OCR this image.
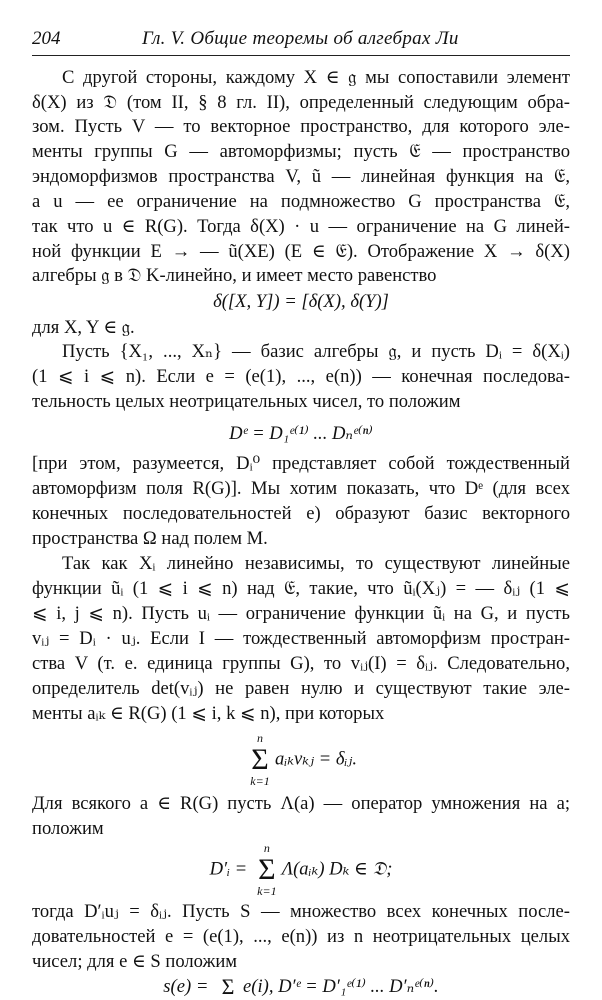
204	Гл. V. Общие теоремы об алгебрах Ли
С другой стороны, каждому X ∈ 𝔤 мы сопоставили элемент
δ(X) из 𝔇 (том II, § 8 гл. II), определенный следующим обра-
зом. Пусть V — то векторное пространство, для которого эле-
менты группы G — автоморфизмы; пусть 𝔈 — пространство
эндоморфизмов пространства V, ũ — линейная функция на 𝔈,
а u — ее ограничение на подмножество G пространства 𝔈,
так что u ∈ R(G). Тогда δ(X) · u — ограничение на G линей-
ной функции E → — ũ(XE) (E ∈ 𝔈). Отображение X → δ(X)
алгебры 𝔤 в 𝔇 K-линейно, и имеет место равенство
δ([X, Y]) = [δ(X), δ(Y)]
для X, Y ∈ 𝔤.
Пусть {X₁, ..., Xₙ} — базис алгебры 𝔤, и пусть Dᵢ = δ(Xᵢ)
(1 ⩽ i ⩽ n). Если e = (e(1), ..., e(n)) — конечная последова-
тельность целых неотрицательных чисел, то положим
Dᵉ = D₁ᵉ⁽¹⁾ ... Dₙᵉ⁽ⁿ⁾
[при этом, разумеется, Dᵢ⁰ представляет собой тождественный
автоморфизм поля R(G)]. Мы хотим показать, что Dᵉ (для всех
конечных последовательностей e) образуют базис векторного
пространства Ω над полем M.
Так как Xᵢ линейно независимы, то существуют линейные
функции ũᵢ (1 ⩽ i ⩽ n) над 𝔈, такие, что ũᵢ(Xⱼ) = — δᵢⱼ (1 ⩽
⩽ i, j ⩽ n). Пусть uᵢ — ограничение функции ũᵢ на G, и пусть
vᵢⱼ = Dᵢ · uⱼ. Если I — тождественный автоморфизм простран-
ства V (т. е. единица группы G), то vᵢⱼ(I) = δᵢⱼ. Следовательно,
определитель det(vᵢⱼ) не равен нулю и существуют такие эле-
менты aᵢₖ ∈ R(G) (1 ⩽ i, k ⩽ n), при которых
n
Σ
k=1
aᵢₖvₖⱼ = δᵢⱼ.
Для всякого a ∈ R(G) пусть Λ(a) — оператор умножения на a;
положим
D′ᵢ =
n
Σ
k=1
Λ(aᵢₖ) Dₖ ∈ 𝔇;
тогда D′ᵢuⱼ = δᵢⱼ. Пусть S — множество всех конечных после-
довательностей e = (e(1), ..., e(n)) из n неотрицательных целых
чисел; для e ∈ S положим
s(e) = Σ e(i), D′ᵉ = D′₁ᵉ⁽¹⁾ ... D′ₙᵉ⁽ⁿ⁾.
